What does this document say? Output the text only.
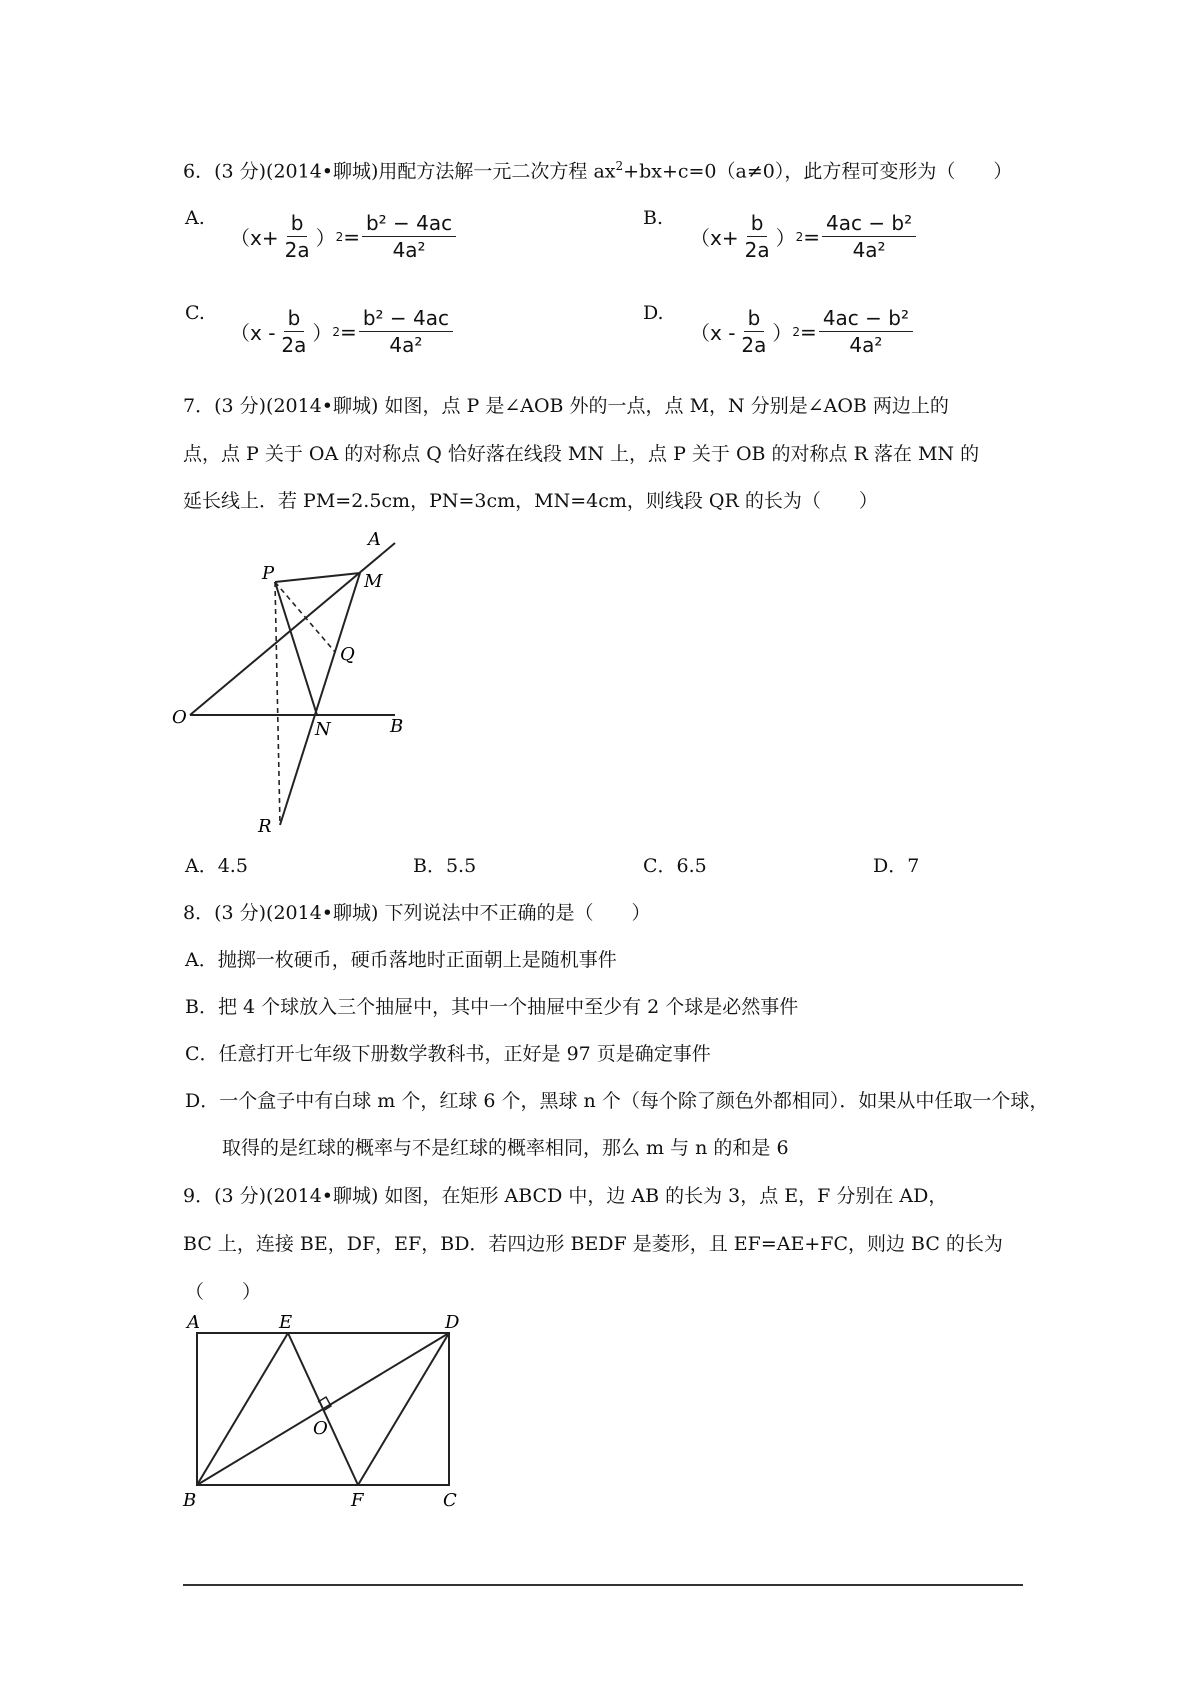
6．(3 分)(2014•聊城)用配方法解一元二次方程 $ax^2+bx+c=0(a\ne 0)$，此方程可变形为（　　）
A.
（$x+ \frac{b}{2a}$ ） $2 = \frac{\text{b² − 4ac}}{\text{4a²}}$	B.
（$x+ \frac{b}{2a}$ ） $2 = \frac{\text{4ac − b²}}{\text{4a²}}$
C.
（$x - \frac{b}{2a}$ ） $2 = \frac{\text{b² − 4ac}}{\text{4a²}}$	D.
（$x - \frac{b}{2a}$ ） $2 = \frac{\text{4ac − b²}}{\text{4a²}}$
7．(3 分)(2014•聊城) 如图，点 P 是∠AOB 外的一点，点 M，N 分别是∠AOB 两边上的
点，点 P 关于 OA 的对称点 Q 恰好落在线段 MN 上，点 P 关于 OB 的对称点 R 落在 MN 的
延长线上．若 PM=2.5cm，PN=3cm，MN=4cm，则线段 QR 的长为（　　）
A
M
P
Q
O
N	B
R
A．4.5	B．5.5	C．6.5	D．7
8．(3 分)(2014•聊城) 下列说法中不正确的是（　　）
A．抛掷一枚硬币，硬币落地时正面朝上是随机事件
B．把 4 个球放入三个抽屉中，其中一个抽屉中至少有 2 个球是必然事件
C．任意打开七年级下册数学教科书，正好是 97 页是确定事件
D．一个盒子中有白球 m 个，红球 6 个，黑球 n 个（每个除了颜色外都相同）．如果从中任取一个球，
取得的是红球的概率与不是红球的概率相同，那么 m 与 n 的和是 6
9．(3 分)(2014•聊城) 如图，在矩形 ABCD 中，边 AB 的长为 3，点 E，F 分别在 AD，
BC 上，连接 BE，DF，EF，BD．若四边形 BEDF 是菱形，且 EF=AE+FC，则边 BC 的长为
（　　）
A	E	D
O
B	F	C
